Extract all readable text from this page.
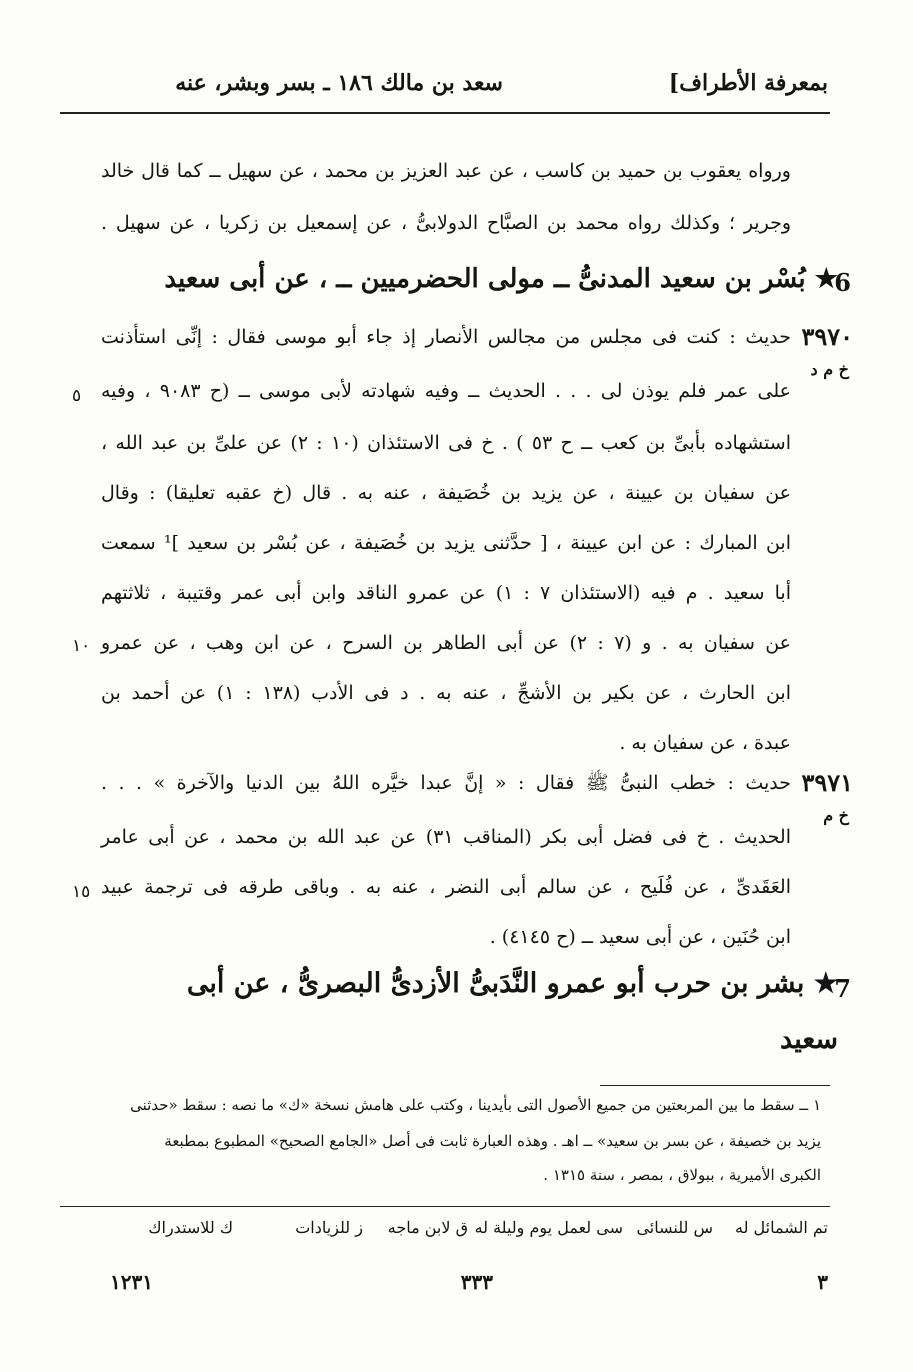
بمعرفة الأطراف]
سعد بن مالك ١٨٦ ـ بسر وبشر، عنه
ورواه يعقوب بن حميد بن كاسب ، عن عبد العزيز بن محمد ، عن سهيل ــ كما قال خالد
وجرير ؛ وكذلك رواه محمد بن الصبَّاح الدولابىُّ ، عن إسمعيل بن زكريا ، عن سهيل .
6
★ بُسْر بن سعيد المدنىُّ ــ مولى الحضرميين ــ ، عن أبى سعيد
٣٩٧٠
خ م د
حديث : كنت فى مجلس من مجالس الأنصار إذ جاء أبو موسى فقال : إنِّى استأذنت
على عمر فلم يوذن لى . . . الحديث ــ وفيه شهادته لأبى موسى ــ (ح ٩٠٨٣ ، وفيه
استشهاده بأبىِّ بن كعب ــ ح ٥٣ ) . خ فى الاستئذان (١٠ : ٢) عن علىِّ بن عبد الله ،
عن سفيان بن عيينة ، عن يزيد بن خُصَيفة ، عنه به . قال (خ عقبه تعليقا) : وقال
ابن المبارك : عن ابن عيينة ، [ حدَّثنى يزيد بن خُصَيفة ، عن بُسْر بن سعيد ]¹ سمعت
أبا سعيد . م فيه (الاستئذان ٧ : ١) عن عمرو الناقد وابن أبى عمر وقتيبة ، ثلاثتهم
عن سفيان به . و (٧ : ٢) عن أبى الطاهر بن السرح ، عن ابن وهب ، عن عمرو
ابن الحارث ، عن بكير بن الأشجِّ ، عنه به . د فى الأدب (١٣٨ : ١) عن أحمد بن
عبدة ، عن سفيان به .
٣٩٧١
خ م
حديث : خطب النبىُّ ﷺ فقال : « إنَّ عبدا خيَّره اللهُ بين الدنيا والآخرة » . . .
الحديث . خ فى فضل أبى بكر (المناقب ٣١) عن عبد الله بن محمد ، عن أبى عامر
العَقَدىِّ ، عن فُلَيح ، عن سالم أبى النضر ، عنه به . وباقى طرقه فى ترجمة عبيد
ابن حُنَين ، عن أبى سعيد ــ (ح ٤١٤٥) .
7
★ بشر بن حرب أبو عمرو النَّدَبىُّ الأزدىُّ البصرىُّ ، عن أبى
سعيد
٥
١٠
١٥
١ ــ سقط ما بين المربعتين من جميع الأصول التى بأيدينا ، وكتب على هامش نسخة «ك» ما نصه : سقط «حدثنى
يزيد بن خصيفة ، عن بسر بن سعيد» ــ اهـ . وهذه العبارة ثابت فى أصل «الجامع الصحيح» المطبوع بمطبعة
الكبرى الأميرية ، ببولاق ، بمصر ، سنة ١٣١٥ .
تم الشمائل له
س للنسائى
سى لعمل يوم وليلة له
ق لابن ماجه
ز للزيادات
ك للاستدراك
٣
٣٣٣
١٢٣١
